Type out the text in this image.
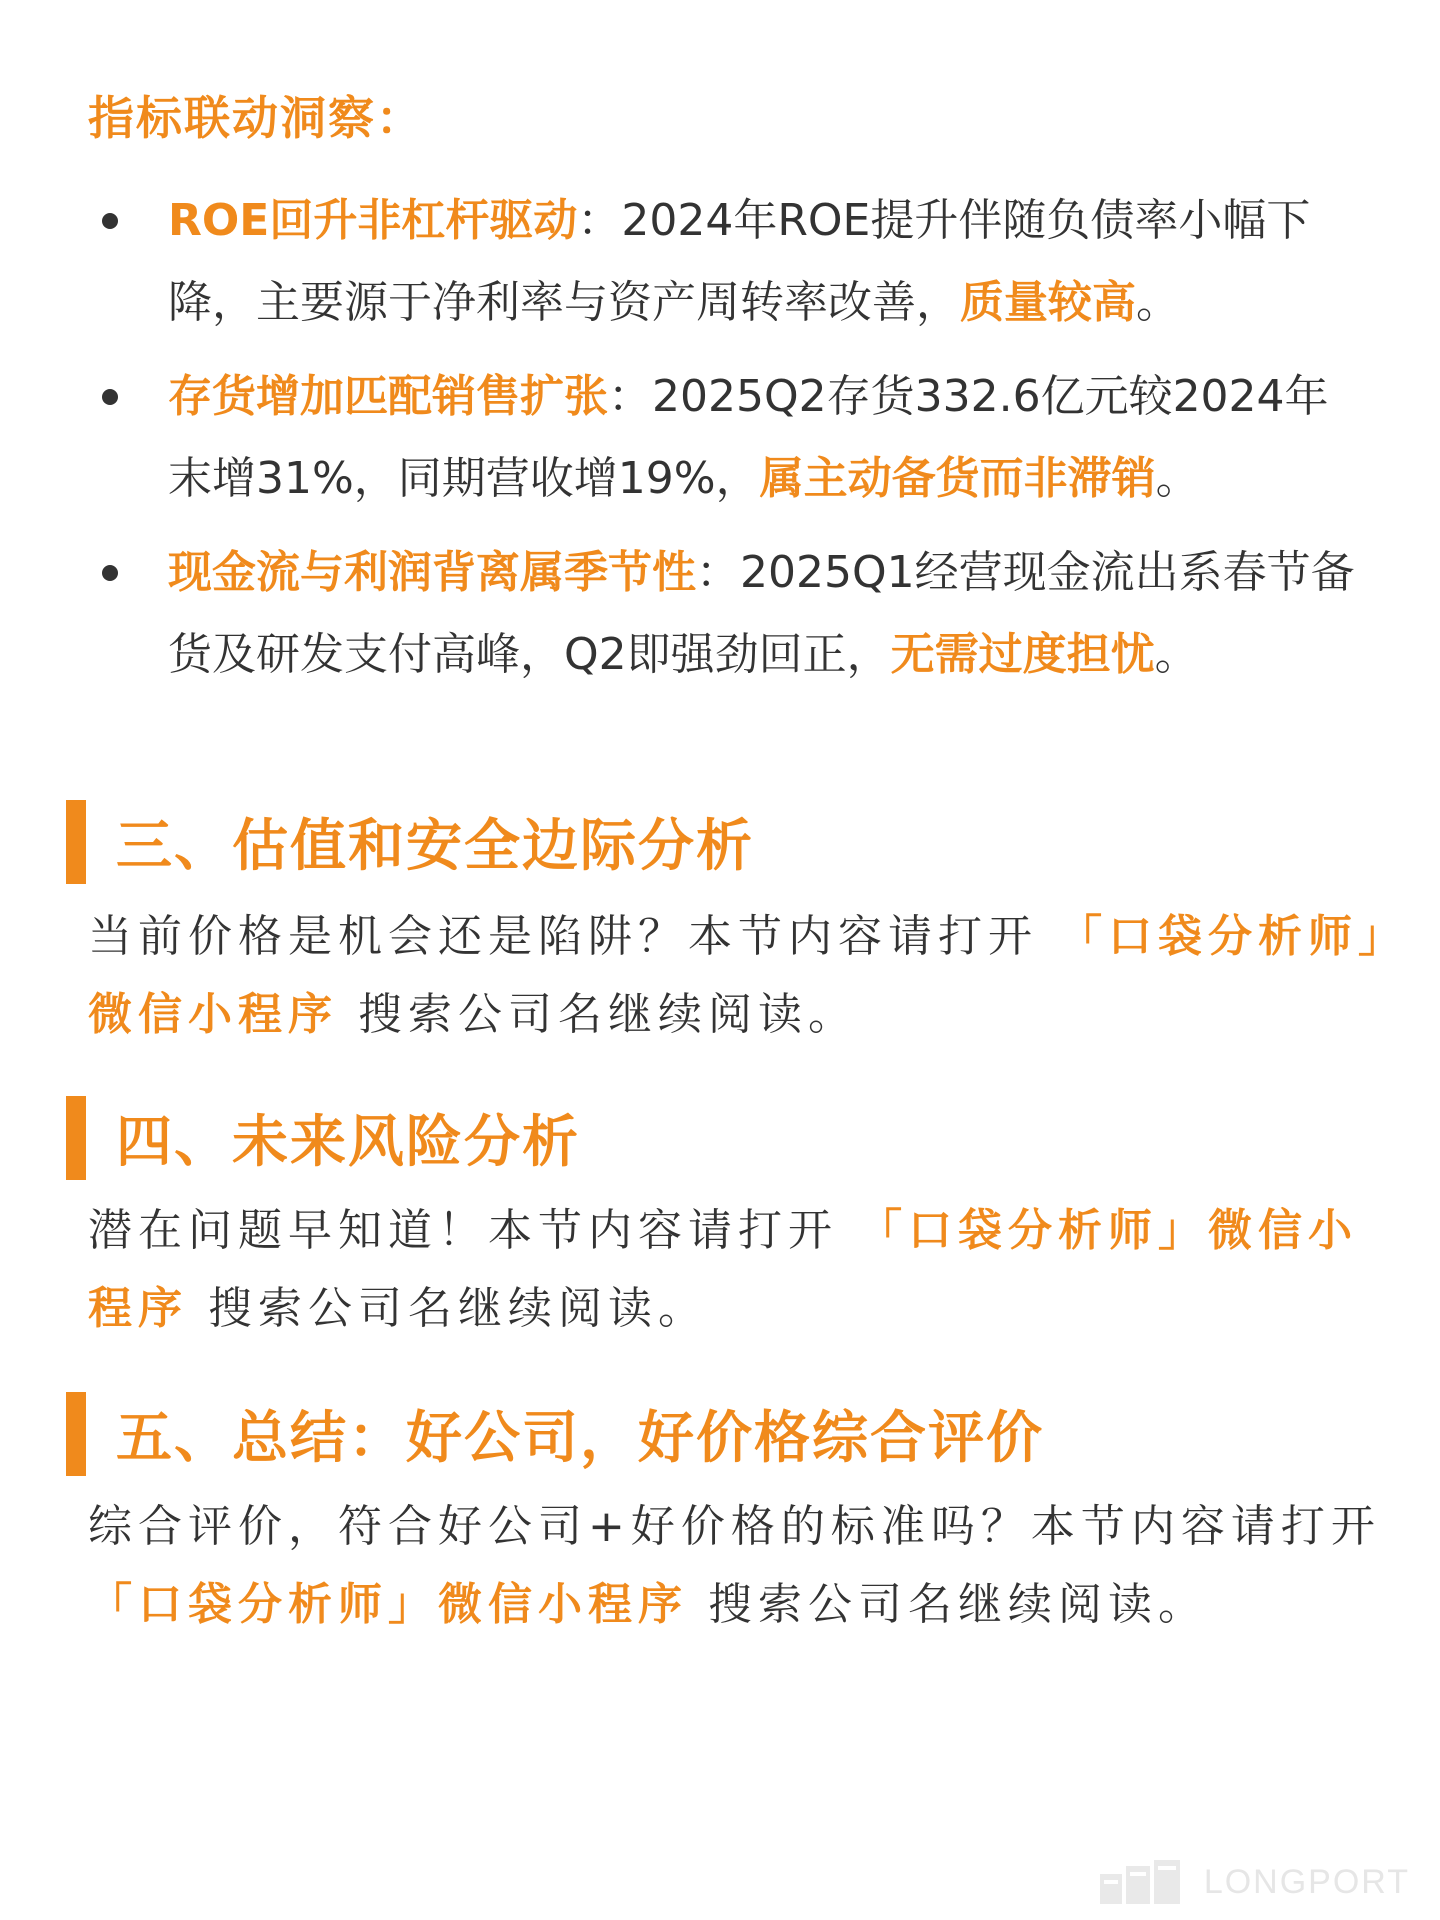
指标联动洞察：
ROE回升非杠杆驱动：2024年ROE提升伴随负债率小幅下降，主要源于净利率与资产周转率改善，质量较高。
存货增加匹配销售扩张：2025Q2存货332.6亿元较2024年末增31%，同期营收增19%，属主动备货而非滞销。
现金流与利润背离属季节性：2025Q1经营现金流出系春节备货及研发支付高峰，Q2即强劲回正，无需过度担忧。
三、估值和安全边际分析
当前价格是机会还是陷阱？本节内容请打开 「口袋分析师」微信小程序 搜索公司名继续阅读。
四、未来风险分析
潜在问题早知道！本节内容请打开 「口袋分析师」微信小程序 搜索公司名继续阅读。
五、总结：好公司，好价格综合评价
综合评价，符合好公司+好价格的标准吗？本节内容请打开 「口袋分析师」微信小程序 搜索公司名继续阅读。
LONGPORT
